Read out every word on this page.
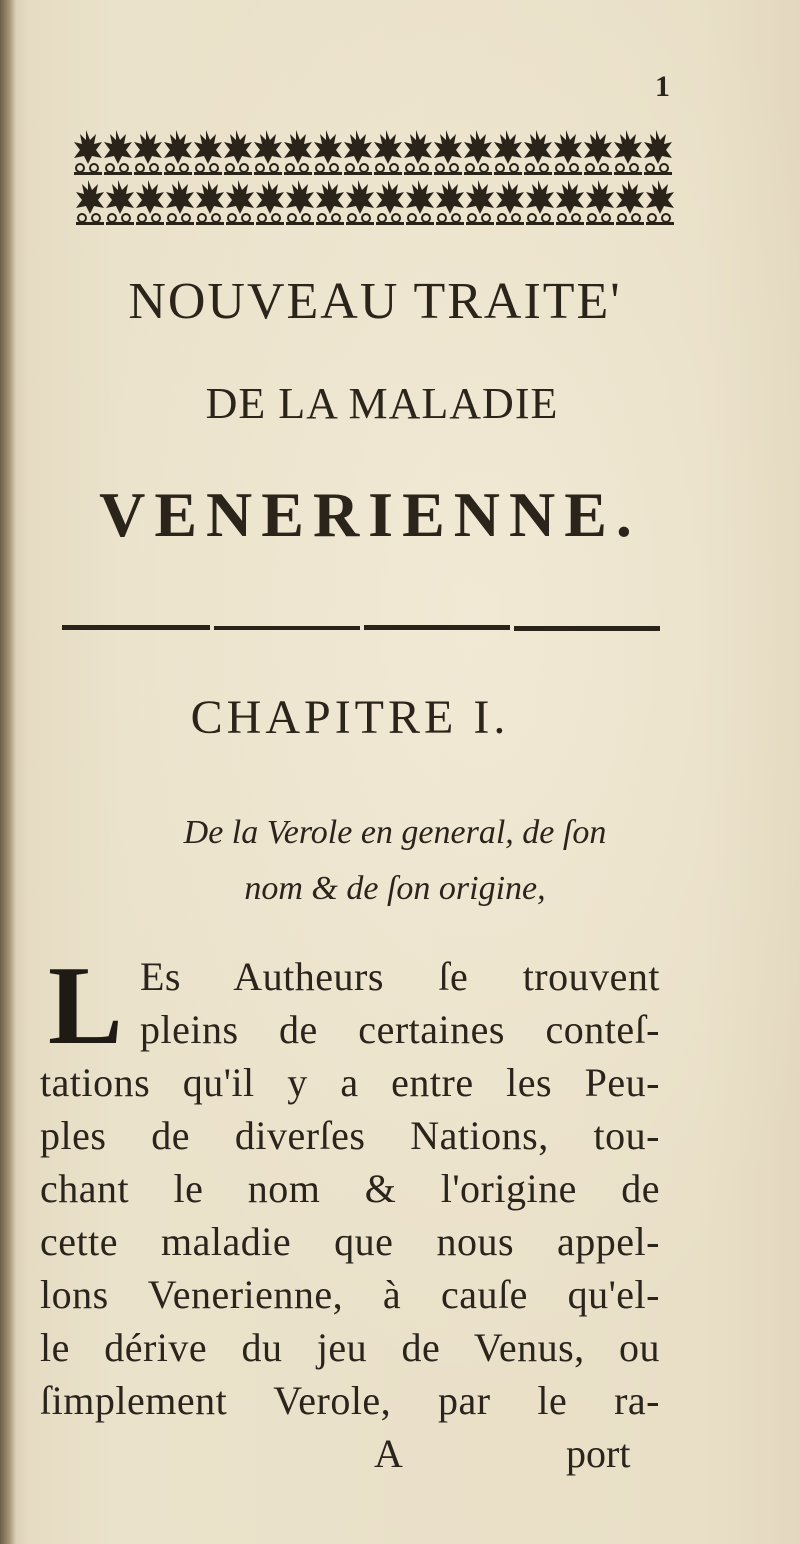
1
NOUVEAU TRAITE'
DE LA MALADIE
VENERIENNE.
CHAPITRE I.
De la Verole en general, de ſon
nom & de ſon origine,
L Es Autheurs ſe trouvent
pleins de certaines conteſ-
tations qu'il y a entre les Peu-
ples de diverſes Nations, tou-
chant le nom & l'origine de
cette maladie que nous appel-
lons Venerienne, à cauſe qu'el-
le dérive du jeu de Venus, ou
ſimplement Verole, par le ra-
A	port
